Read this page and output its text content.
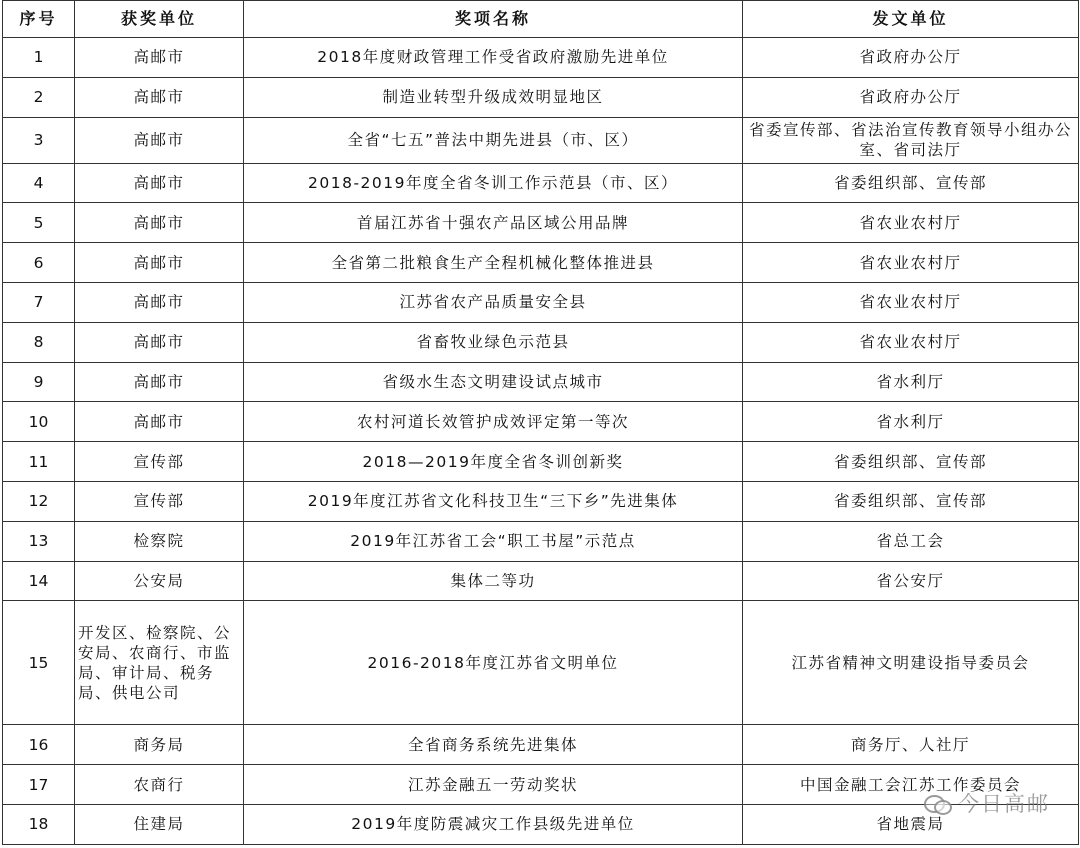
序号	获奖单位	奖项名称	发文单位
1	高邮市	2018年度财政管理工作受省政府激励先进单位	省政府办公厅
2	高邮市	制造业转型升级成效明显地区	省政府办公厅
3	高邮市	全省“七五”普法中期先进县（市、区）	省委宣传部、省法治宣传教育领导小组办公室、省司法厅
4	高邮市	2018-2019年度全省冬训工作示范县（市、区）	省委组织部、宣传部
5	高邮市	首届江苏省十强农产品区域公用品牌	省农业农村厅
6	高邮市	全省第二批粮食生产全程机械化整体推进县	省农业农村厅
7	高邮市	江苏省农产品质量安全县	省农业农村厅
8	高邮市	省畜牧业绿色示范县	省农业农村厅
9	高邮市	省级水生态文明建设试点城市	省水利厅
10	高邮市	农村河道长效管护成效评定第一等次	省水利厅
11	宣传部	2018—2019年度全省冬训创新奖	省委组织部、宣传部
12	宣传部	2019年度江苏省文化科技卫生“三下乡”先进集体	省委组织部、宣传部
13	检察院	2019年江苏省工会“职工书屋”示范点	省总工会
14	公安局	集体二等功	省公安厅
15	开发区、检察院、公安局、农商行、市监局、审计局、税务局、供电公司	2016-2018年度江苏省文明单位	江苏省精神文明建设指导委员会
16	商务局	全省商务系统先进集体	商务厅、人社厅
17	农商行	江苏金融五一劳动奖状	中国金融工会江苏工作委员会
18	住建局	2019年度防震减灾工作县级先进单位	省地震局
今日高邮
